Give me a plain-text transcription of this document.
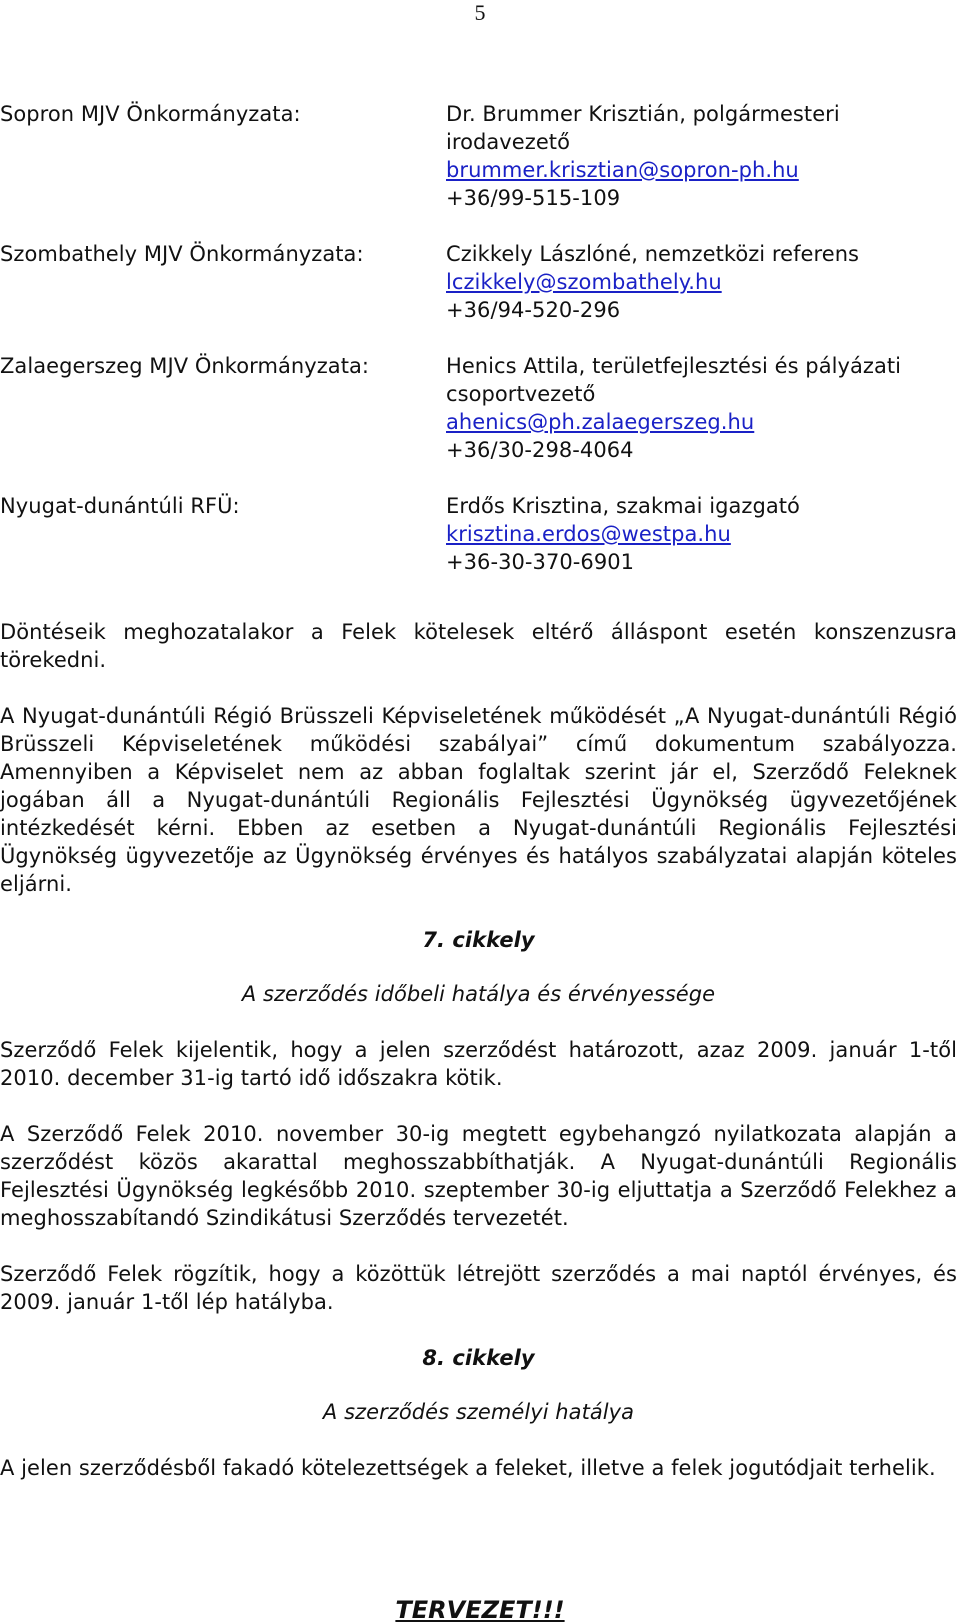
5
Sopron MJV Önkormányzata:	Dr. Brummer Krisztián, polgármesteri
irodavezető
brummer.krisztian@sopron-ph.hu
+36/99-515-109
Szombathely MJV Önkormányzata:	Czikkely Lászlóné, nemzetközi referens
lczikkely@szombathely.hu
+36/94-520-296
Zalaegerszeg MJV Önkormányzata:	Henics Attila, területfejlesztési és pályázati
csoportvezető
ahenics@ph.zalaegerszeg.hu
+36/30-298-4064
Nyugat-dunántúli RFÜ:	Erdős Krisztina, szakmai igazgató
krisztina.erdos@westpa.hu
+36-30-370-6901

Döntéseik meghozatalakor a Felek kötelesek eltérő álláspont esetén konszenzusra törekedni.

A Nyugat-dunántúli Régió Brüsszeli Képviseletének működését „A Nyugat-dunántúli Régió Brüsszeli Képviseletének működési szabályai” című dokumentum szabályozza. Amennyiben a Képviselet nem az abban foglaltak szerint jár el, Szerződő Feleknek jogában áll a Nyugat-dunántúli Regionális Fejlesztési Ügynökség ügyvezetőjének intézkedését kérni. Ebben az esetben a Nyugat-dunántúli Regionális Fejlesztési Ügynökség ügyvezetője az Ügynökség érvényes és hatályos szabályzatai alapján köteles eljárni.

7. cikkely
A szerződés időbeli hatálya és érvényessége

Szerződő Felek kijelentik, hogy a jelen szerződést határozott, azaz 2009. január 1-től 2010. december 31-ig tartó idő időszakra kötik.

A Szerződő Felek 2010. november 30-ig megtett egybehangzó nyilatkozata alapján a szerződést közös akarattal meghosszabbíthatják. A Nyugat-dunántúli Regionális Fejlesztési Ügynökség legkésőbb 2010. szeptember 30-ig eljuttatja a Szerződő Felekhez a meghosszabítandó Szindikátusi Szerződés tervezetét.

Szerződő Felek rögzítik, hogy a közöttük létrejött szerződés a mai naptól érvényes, és 2009. január 1-től lép hatályba.

8. cikkely
A szerződés személyi hatálya

A jelen szerződésből fakadó kötelezettségek a feleket, illetve a felek jogutódjait terhelik.

TERVEZET!!!
